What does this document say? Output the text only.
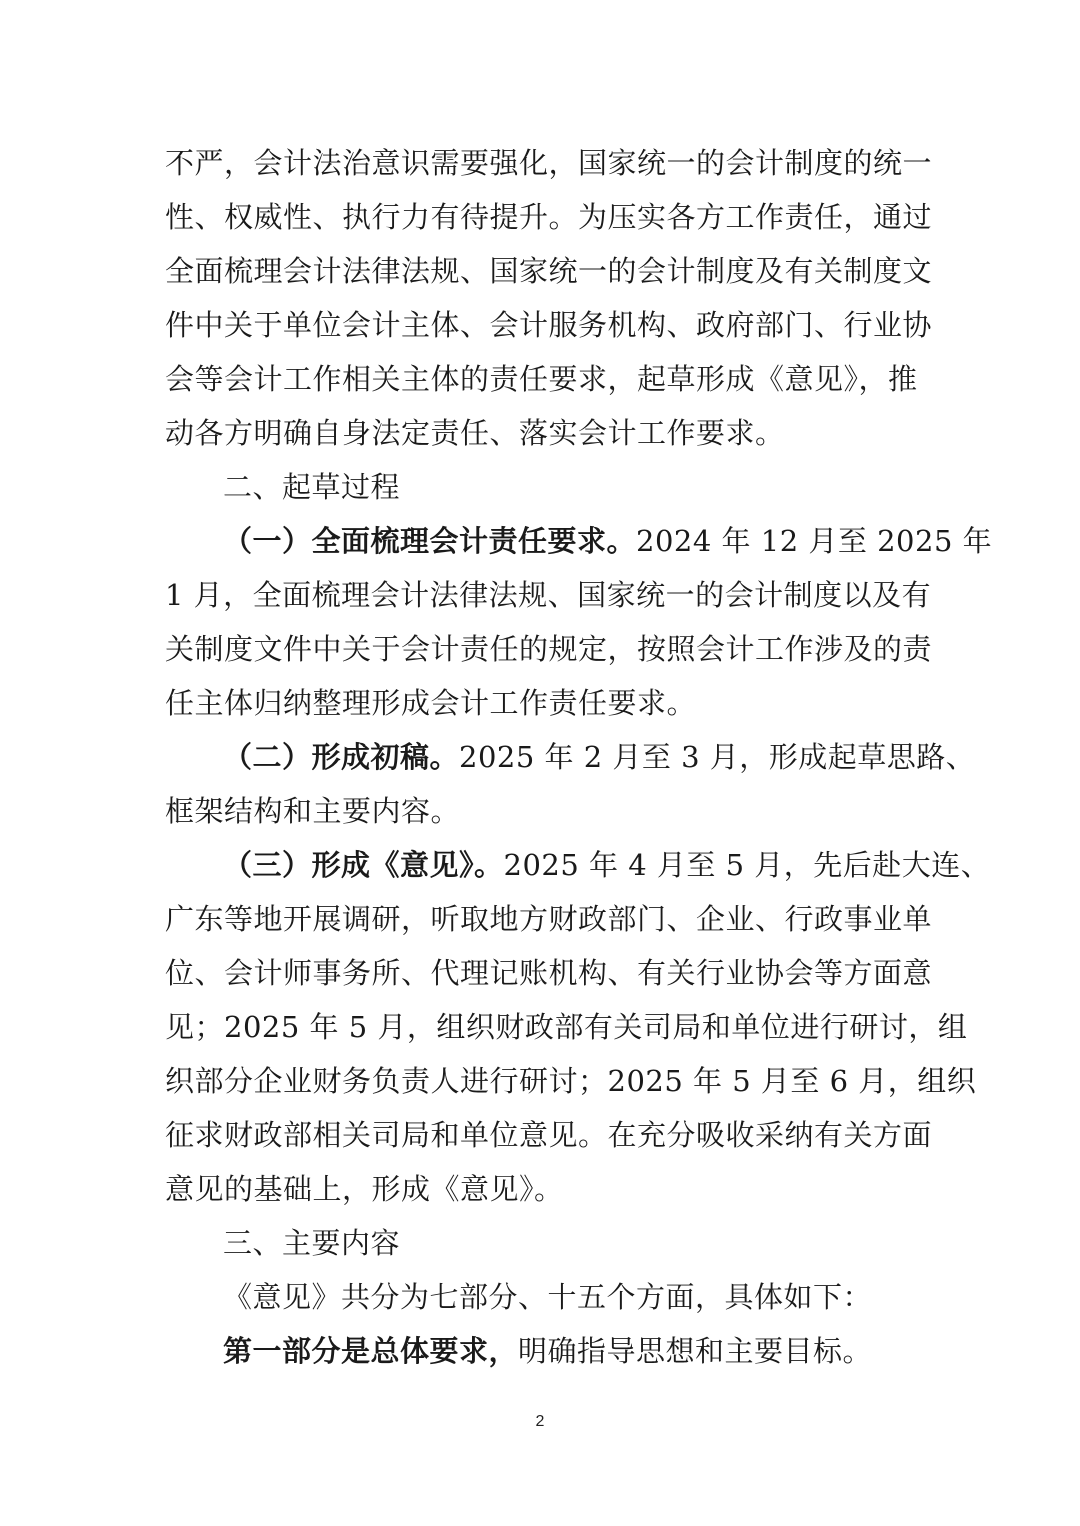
不严，会计法治意识需要强化，国家统一的会计制度的统一
性、权威性、执行力有待提升。为压实各方工作责任，通过
全面梳理会计法律法规、国家统一的会计制度及有关制度文
件中关于单位会计主体、会计服务机构、政府部门、行业协
会等会计工作相关主体的责任要求，起草形成《意见》，推
动各方明确自身法定责任、落实会计工作要求。
二、起草过程
（一）全面梳理会计责任要求。2024 年 12 月至 2025 年
1 月，全面梳理会计法律法规、国家统一的会计制度以及有
关制度文件中关于会计责任的规定，按照会计工作涉及的责
任主体归纳整理形成会计工作责任要求。
（二）形成初稿。2025 年 2 月至 3 月，形成起草思路、
框架结构和主要内容。
（三）形成《意见》。2025 年 4 月至 5 月，先后赴大连、
广东等地开展调研，听取地方财政部门、企业、行政事业单
位、会计师事务所、代理记账机构、有关行业协会等方面意
见；2025 年 5 月，组织财政部有关司局和单位进行研讨，组
织部分企业财务负责人进行研讨；2025 年 5 月至 6 月，组织
征求财政部相关司局和单位意见。在充分吸收采纳有关方面
意见的基础上，形成《意见》。
三、主要内容
《意见》共分为七部分、十五个方面，具体如下：
第一部分是总体要求，明确指导思想和主要目标。
2
